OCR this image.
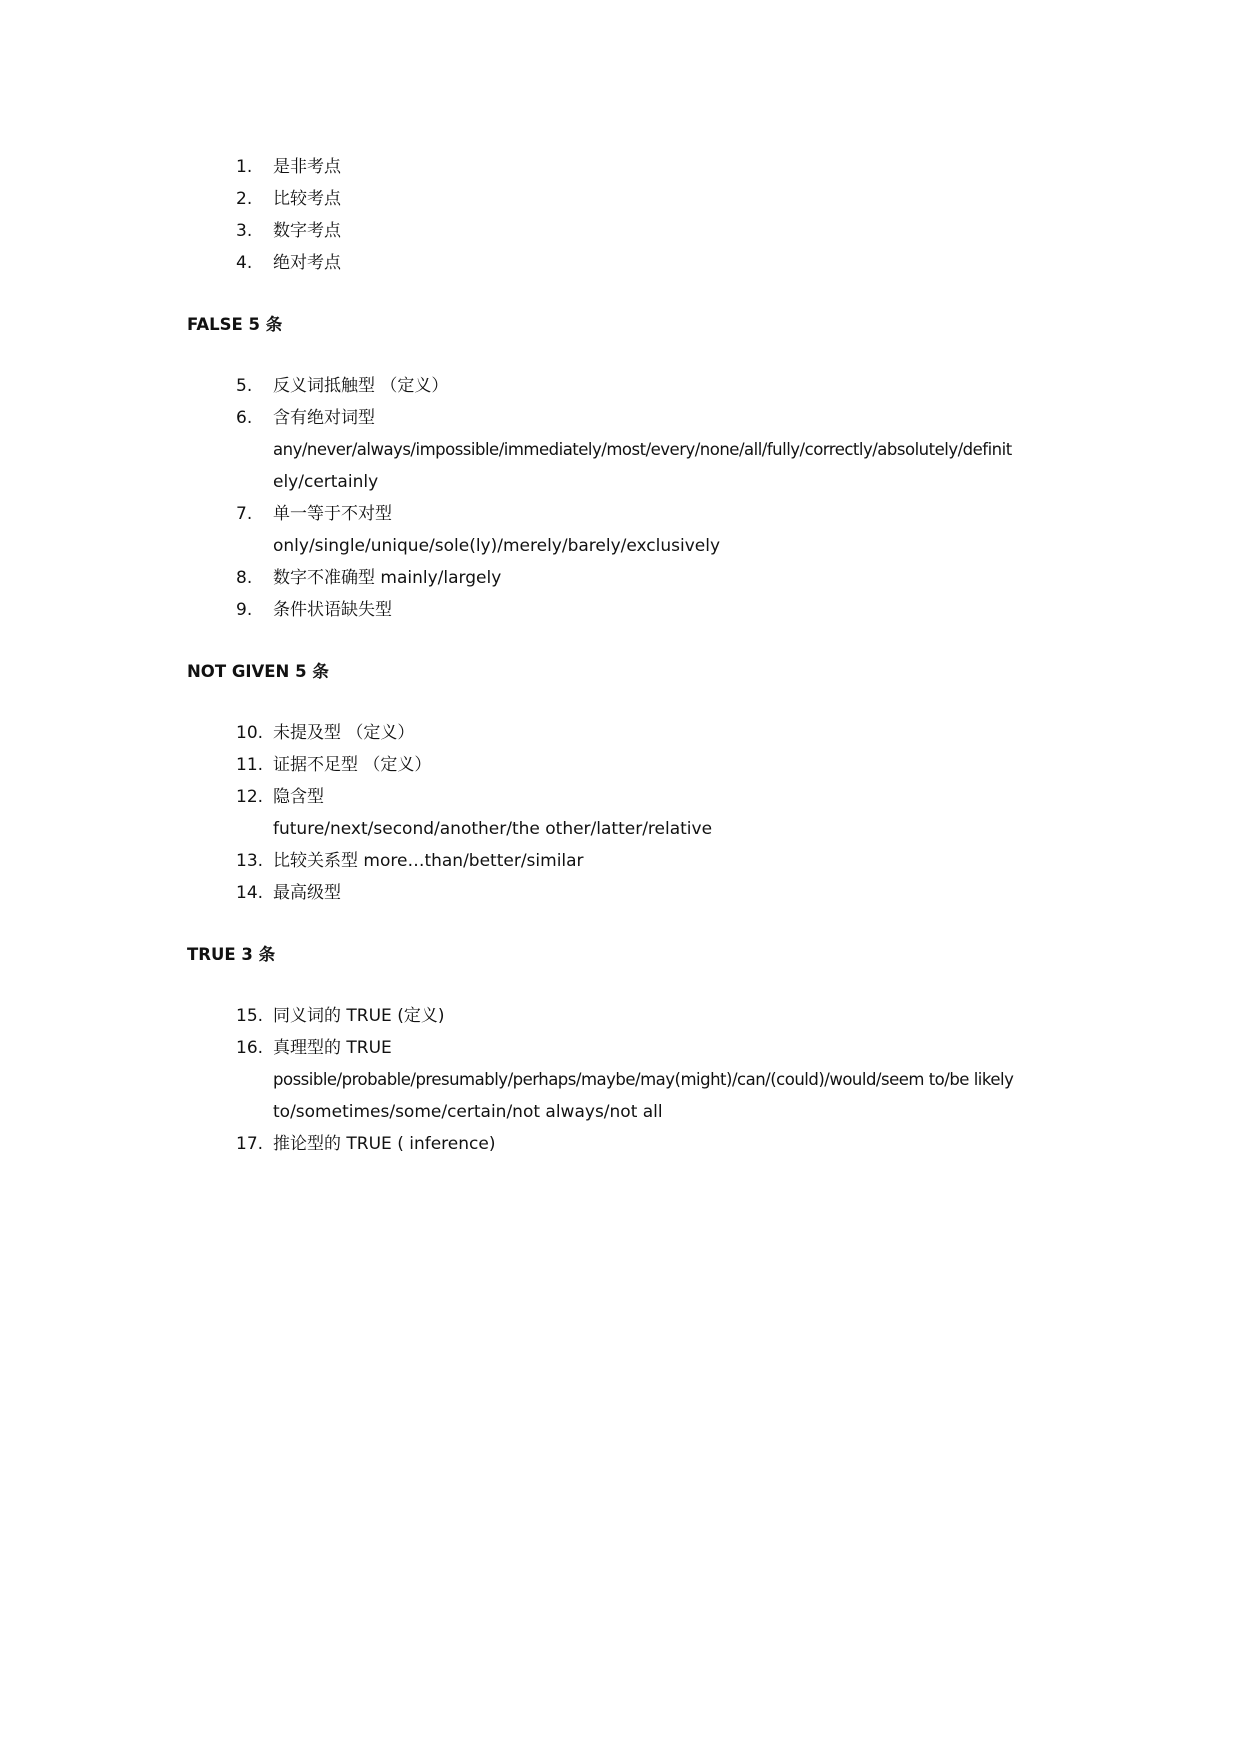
1. 是非考点
2. 比较考点
3. 数字考点
4. 绝对考点
FALSE 5 条
5. 反义词抵触型 （定义）
6. 含有绝对词型
any/never/always/impossible/immediately/most/every/none/all/fully/correctly/absolutely/definit
ely/certainly
7. 单一等于不对型
only/single/unique/sole(ly)/merely/barely/exclusively
8. 数字不准确型 mainly/largely
9. 条件状语缺失型
NOT GIVEN 5 条
10. 未提及型 （定义）
11. 证据不足型 （定义）
12. 隐含型
future/next/second/another/the other/latter/relative
13. 比较关系型 more…than/better/similar
14. 最高级型
TRUE 3 条
15. 同义词的 TRUE (定义)
16. 真理型的 TRUE
possible/probable/presumably/perhaps/maybe/may(might)/can/(could)/would/seem to/be likely
to/sometimes/some/certain/not always/not all
17. 推论型的 TRUE ( inference)
